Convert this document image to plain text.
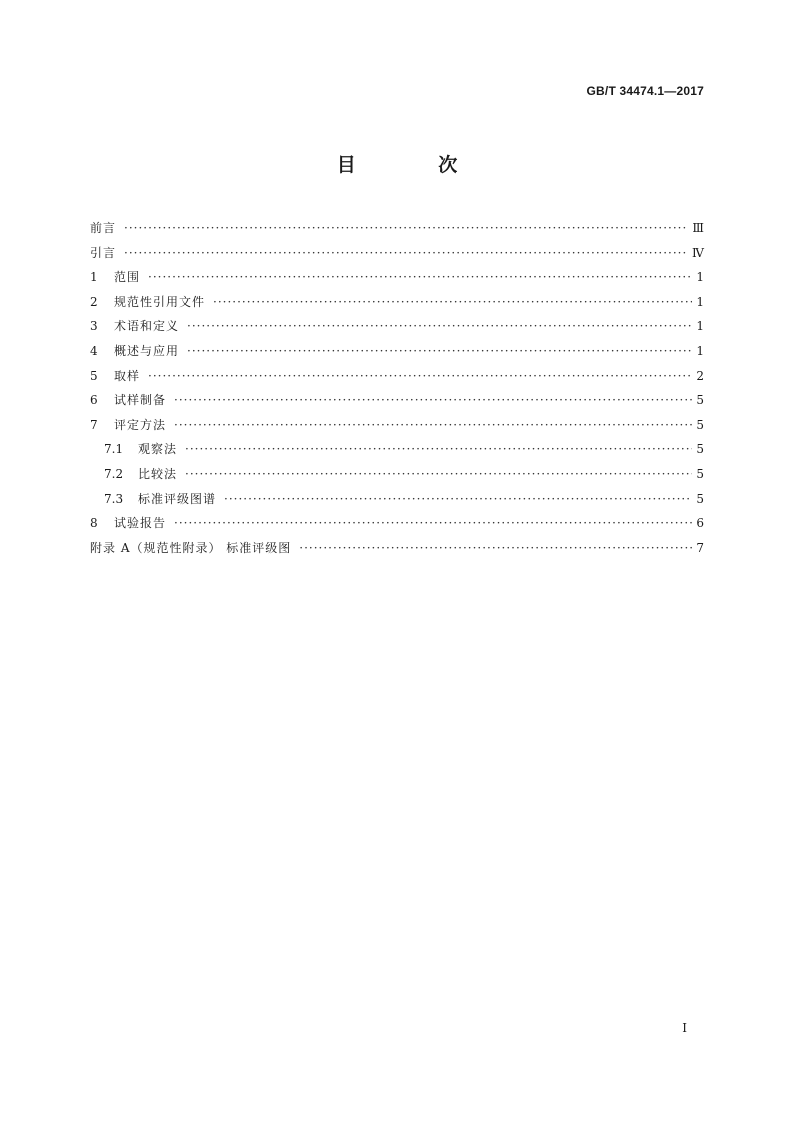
GB/T 34474.1—2017
目 次
前言 ·····	Ⅲ
引言 ·····	Ⅳ
1	范围 ·····	1
2	规范性引用文件 ·····	1
3	术语和定义 ·····	1
4	概述与应用 ·····	1
5	取样 ·····	2
6	试样制备 ·····	5
7	评定方法 ·····	5
7.1	观察法 ·····	5
7.2	比较法 ·····	5
7.3	标准评级图谱 ·····	5
8	试验报告 ·····	6
附录 A（规范性附录） 标准评级图 ·····	7
I
